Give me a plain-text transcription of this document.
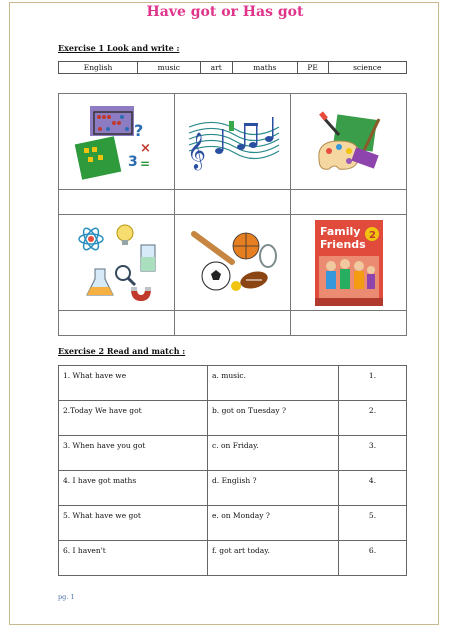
Have got or Has got
Exercise 1 Look and write :
English	music	art	maths	PE	science
?
×
3 =	𝄞

Family
Friends
2

Exercise 2 Read and match :
1. What have we	a. music.	1.
2.Today We have got	b. got on Tuesday ?	2.
3. When have you got	c. on Friday.	3.
4. I have got maths	d. English ?	4.
5. What have we got	e. on Monday ?	5.
6. I haven't	f. got art today.	6.
pg. 1
